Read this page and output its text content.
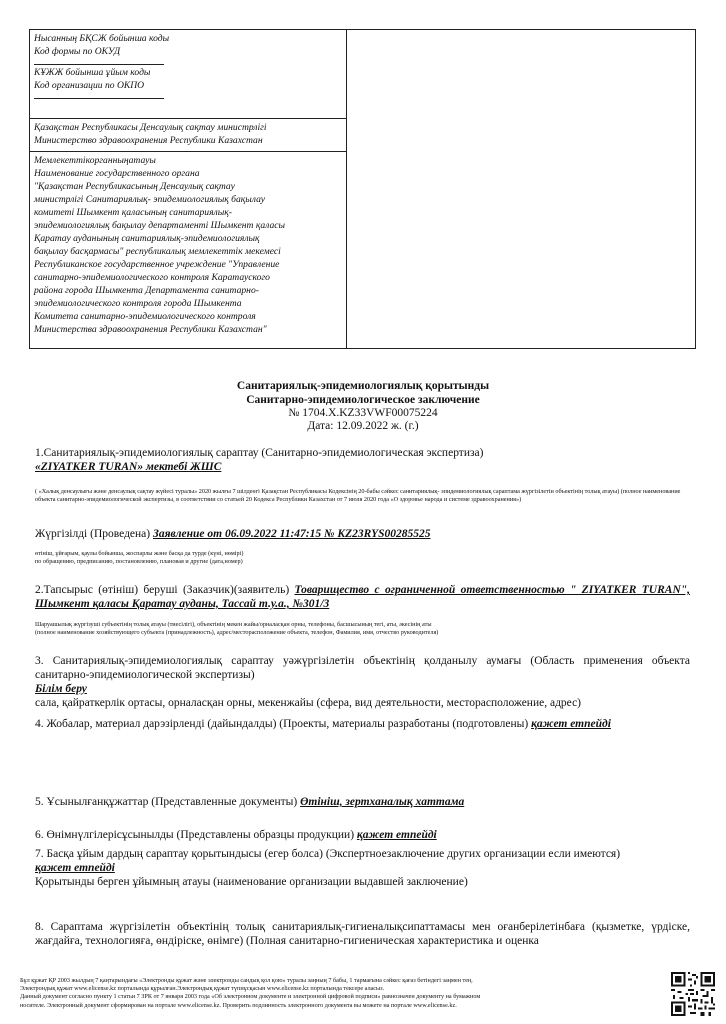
Нысанның БҚСЖ бойынша коды

Код формы по ОКУД

КҰЖЖ бойынша ұйым коды

Код организации по ОКПО

Қазақстан Республикасы Денсаулық сақтау министрлігі

Министерство здравоохранения Республики Казахстан

Мемлекеттікорганныңатауы

Наименование государственного органа

"Қазақстан Республикасының Денсаулық сақтау

министрлігі Санитариялық- эпидемиологиялық бақылау

комитеті Шымкент қаласының санитариялық-

эпидемиологиялық бақылау департаменті Шымкент қаласы

Қаратау ауданының санитариялық-эпидемиологиялық

бақылау басқармасы" республикалық мемлекеттік мекемесі

Республиканское государственное учреждение "Управление

санитарно-эпидемиологического контроля Каратауского

района города Шымкента Департамента санитарно-

эпидемиологического контроля города Шымкента

Комитета санитарно-эпидемиологического контроля

Министерства здравоохранения Республики Казахстан"

Санитариялық-эпидемиологиялық қорытынды
Санитарно-эпидемиологическое заключение
№ 1704.X.KZ33VWF00075224
Дата: 12.09.2022 ж. (г.)
1.Санитариялық-эпидемиологиялық сараптау (Санитарно-эпидемиологическая экспертиза)
«ZIYATKER TURAN» мектебі ЖШС
( «Халық денсаулығы және денсаулық сақтау жүйесі туралы» 2020 жылғы 7 шілдеөгі Қазақстан Республикасы Кодексінің 20-бабы сәйкес санитариялық- эпидемиологиялық сараптама жүргізілетін объектінің толық атауы) (полное наименование объекта санитарно-эпидемиологической экспертизы, в соответствии со статьей 20 Кодекса Республики Казахстан от 7 июля 2020 года «О здоровье народа и системе здравоохранения»)
Жүргізілді (Проведена) Заявление от 06.09.2022 11:47:15 № KZ23RYS00285525
өтініш, ұйғарым, қаулы бойынша, жоспарлы және басқа да турде (күні, нөмірі)
по обращению, предписанию, постановлению, плановая и другие (дата,номер)
2.Тапсырыс (өтініш) беруші (Заказчик)(заявитель) Товарищество с ограниченной ответственностью " ZIYATKER TURAN", Шымкент қаласы Қаратау ауданы, Тассай т.у.а., №301/3
Шаруашылық жүргізуші субъектінің толық атауы (тиесілігі), объектінің мекен жайы/орналасқан орны, телефоны, басшысының тегі, аты, әкесінің аты
(полное наименование хозяйствующего субъекта (принадлежность), адрес/месторасположение объекта, телефон, Фамилия, имя, отчество руководителя)
3. Санитариялық-эпидемиологиялық сараптау уәжүргізілетін объектінің қолданылу аумағы (Область применения объекта санитарно-эпидемиологической экспертизы)
Білім беру
сала, қайраткерлік ортасы, орналасқан орны, мекенжайы (сфера, вид деятельности, месторасположение, адрес)
4. Жобалар, материал дарэзірленді (дайындалды) (Проекты, материалы разработаны (подготовлены) қажет етпейді
5. Ұсынылғанқұжаттар (Представленные документы) Өтініш, зертханалық хаттама
6. Өнімнүлгілерісұсынылды (Представлены образцы продукции) қажет етпейді
7. Басқа ұйым дардың сараптау қорытындысы (егер болса) (Экспертноезаключение других организации если имеются)
қажет етпейді
Қорытынды берген ұйымның атауы (наименование организации выдавшей заключение)
8. Сараптама жүргізілетін объектінің толық санитариялық-гигиеналықсипаттамасы мен оғанберілетінбаға (қызметке, үрдіске, жағдайға, технологияға, өндіріске, өнімге) (Полная санитарно-гигиеническая характеристика и оценка
Бұл құжат ҚР 2003 жылдың 7 қаңтарындағы «Электронды құжат және электронды сандық қол қою» туралы заңның 7 бабы, 1 тармағына сәйкес қағаз бетіндегі заңмен тең.
Электрондық құжат www.elicense.kz порталында құрылған.Электрондық құжат түпнұсқасын www.elicense.kz порталында тексере аласыз.
Данный документ согласно пункту 1 статьи 7 ЗРК от 7 января 2003 года «Об электронном документе и электронной цифровой подписи» равнозначен документу на бумажном
носителе. Электронный документ сформирован на портале www.elicense.kz. Проверить подлинность электронного документа вы можете на портале www.elicense.kz.
